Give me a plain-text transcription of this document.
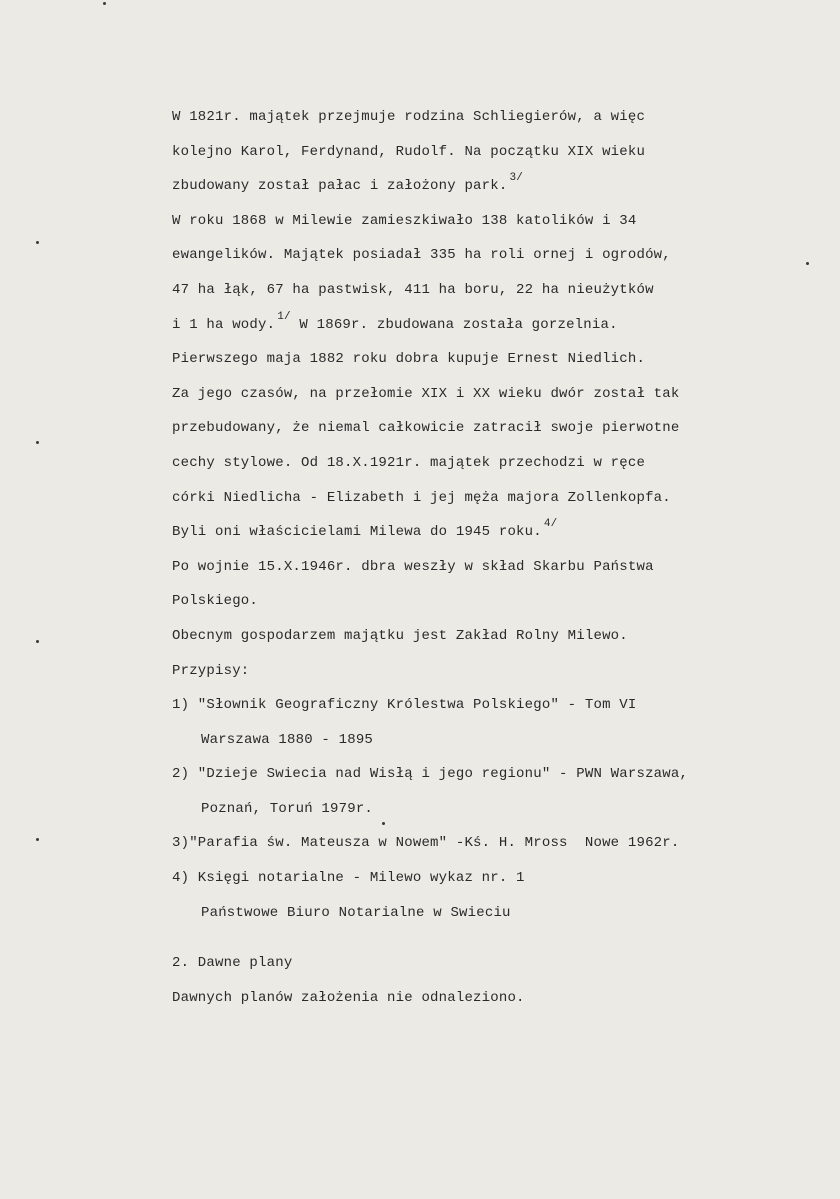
W 1821r. majątek przejmuje rodzina Schliegierów, a więc
kolejno Karol, Ferdynand, Rudolf. Na początku XIX wieku
zbudowany został pałac i założony park. $^{3/}$
W roku 1868 w Milewie zamieszkiwało 138 katolików i 34
ewangelików. Majątek posiadał 335 ha roli ornej i ogrodów,
47 ha łąk, 67 ha pastwisk, 411 ha boru, 22 ha nieużytków
i 1 ha wody. $^{1/}$ W 1869r. zbudowana została gorzelnia.
Pierwszego maja 1882 roku dobra kupuje Ernest Niedlich.
Za jego czasów, na przełomie XIX i XX wieku dwór został tak
przebudowany, że niemal całkowicie zatracił swoje pierwotne
cechy stylowe. Od 18.X.1921r. majątek przechodzi w ręce
córki Niedlicha - Elizabeth i jej męża majora Zollenkopfa.
Byli oni właścicielami Milewa do 1945 roku. $^{4/}$
Po wojnie 15.X.1946r. dbra weszły w skład Skarbu Państwa
Polskiego.
Obecnym gospodarzem majątku jest Zakład Rolny Milewo.
Przypisy:
1) "Słownik Geograficzny Królestwa Polskiego" - Tom VI
Warszawa 1880 - 1895
2) "Dzieje Swiecia nad Wisłą i jego regionu" - PWN Warszawa,
Poznań, Toruń 1979r.
3)"Parafia św. Mateusza w Nowem" -Kś. H. Mross  Nowe 1962r.
4) Księgi notarialne - Milewo wykaz nr. 1
Państwowe Biuro Notarialne w Swieciu
2. Dawne plany
Dawnych planów założenia nie odnaleziono.
